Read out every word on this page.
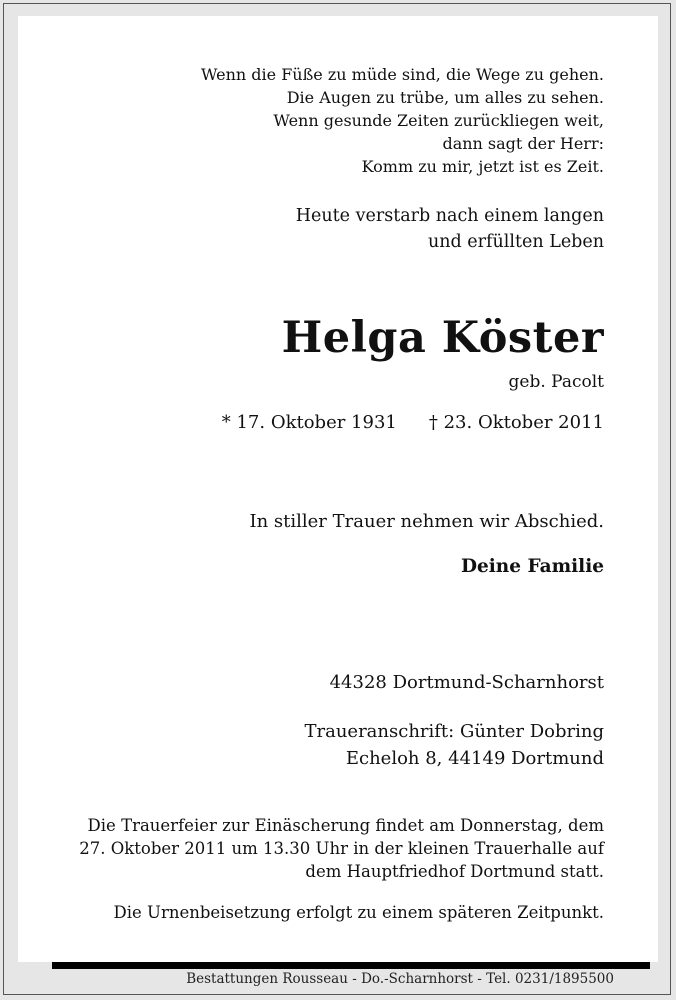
Wenn die Füße zu müde sind, die Wege zu gehen.
Die Augen zu trübe, um alles zu sehen.
Wenn gesunde Zeiten zurückliegen weit,
dann sagt der Herr:
Komm zu mir, jetzt ist es Zeit.
Heute verstarb nach einem langen
und erfüllten Leben
Helga Köster
geb. Pacolt
* 17. Oktober 1931 † 23. Oktober 2011
In stiller Trauer nehmen wir Abschied.
Deine Familie
44328 Dortmund-Scharnhorst
Traueranschrift: Günter Dobring
Echeloh 8, 44149 Dortmund
Die Trauerfeier zur Einäscherung findet am Donnerstag, dem
27. Oktober 2011 um 13.30 Uhr in der kleinen Trauerhalle auf
dem Hauptfriedhof Dortmund statt.
Die Urnenbeisetzung erfolgt zu einem späteren Zeitpunkt.
Bestattungen Rousseau - Do.-Scharnhorst - Tel. 0231/1895500
